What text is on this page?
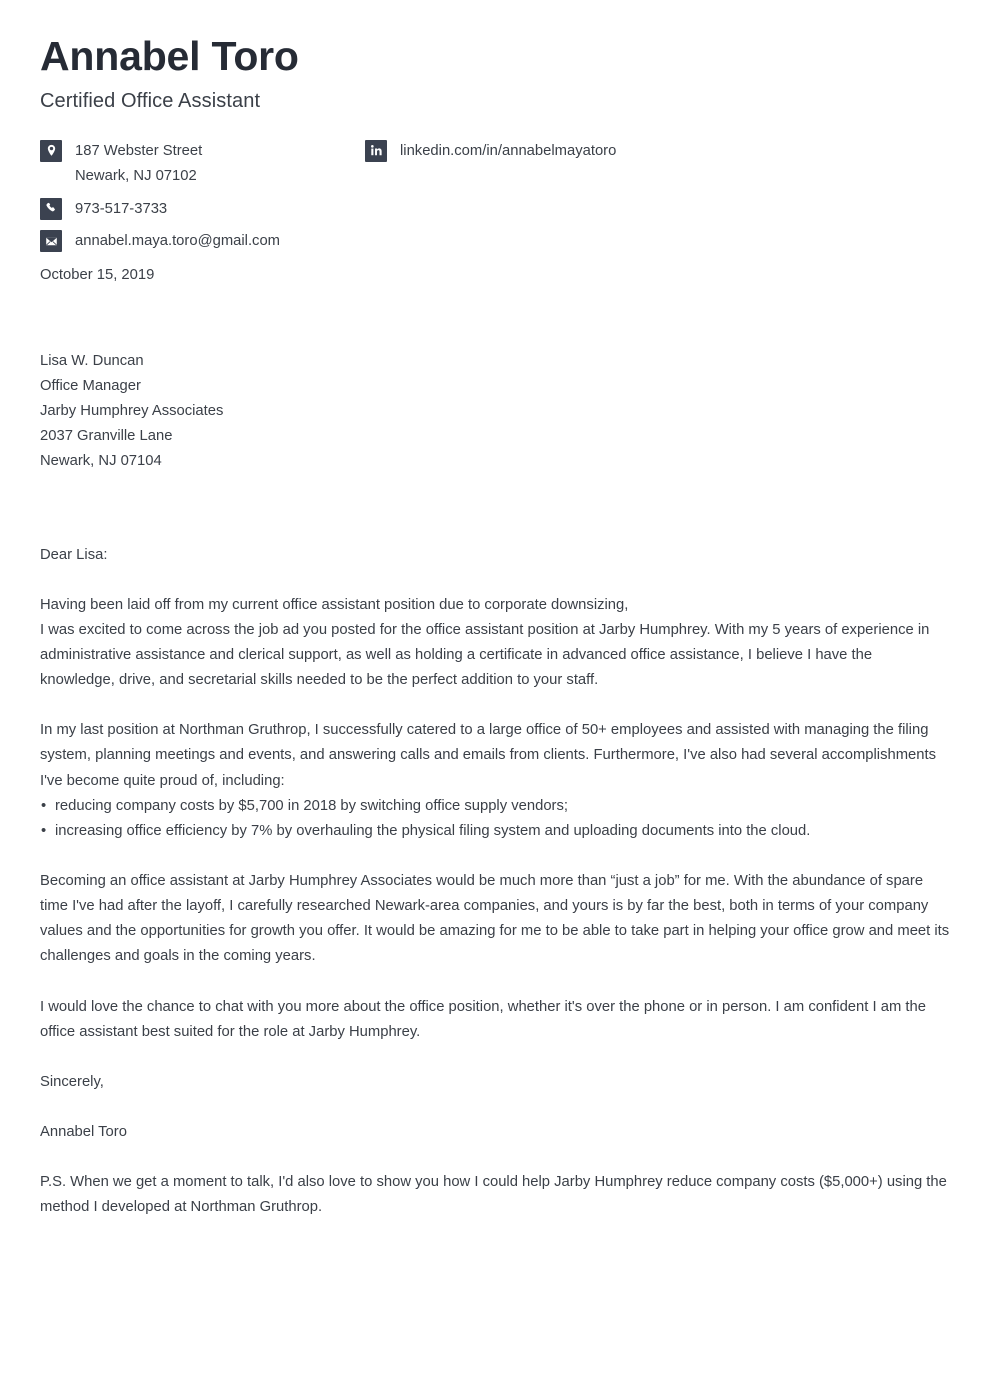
Annabel Toro
Certified Office Assistant
187 Webster Street
Newark, NJ 07102
973-517-3733
annabel.maya.toro@gmail.com
linkedin.com/in/annabelmayatoro
October 15, 2019
Lisa W. Duncan
Office Manager
Jarby Humphrey Associates
2037 Granville Lane
Newark, NJ 07104

Dear Lisa:

Having been laid off from my current office assistant position due to corporate downsizing,

I was excited to come across the job ad you posted for the office assistant position at Jarby Humphrey. With my 5 years of experience in administrative assistance and clerical support, as well as holding a certificate in advanced office assistance, I believe I have the knowledge, drive, and secretarial skills needed to be the perfect addition to your staff.

In my last position at Northman Gruthrop, I successfully catered to a large office of 50+ employees and assisted with managing the filing system, planning meetings and events, and answering calls and emails from clients. Furthermore, I've also had several accomplishments I've become quite proud of, including:

• reducing company costs by $5,700 in 2018 by switching office supply vendors;
• increasing office efficiency by 7% by overhauling the physical filing system and uploading documents into the cloud.

Becoming an office assistant at Jarby Humphrey Associates would be much more than “just a job” for me. With the abundance of spare time I've had after the layoff, I carefully researched Newark-area companies, and yours is by far the best, both in terms of your company values and the opportunities for growth you offer. It would be amazing for me to be able to take part in helping your office grow and meet its challenges and goals in the coming years.

I would love the chance to chat with you more about the office position, whether it's over the phone or in person. I am confident I am the office assistant best suited for the role at Jarby Humphrey.

Sincerely,

Annabel Toro

P.S. When we get a moment to talk, I'd also love to show you how I could help Jarby Humphrey reduce company costs ($5,000+) using the method I developed at Northman Gruthrop.
